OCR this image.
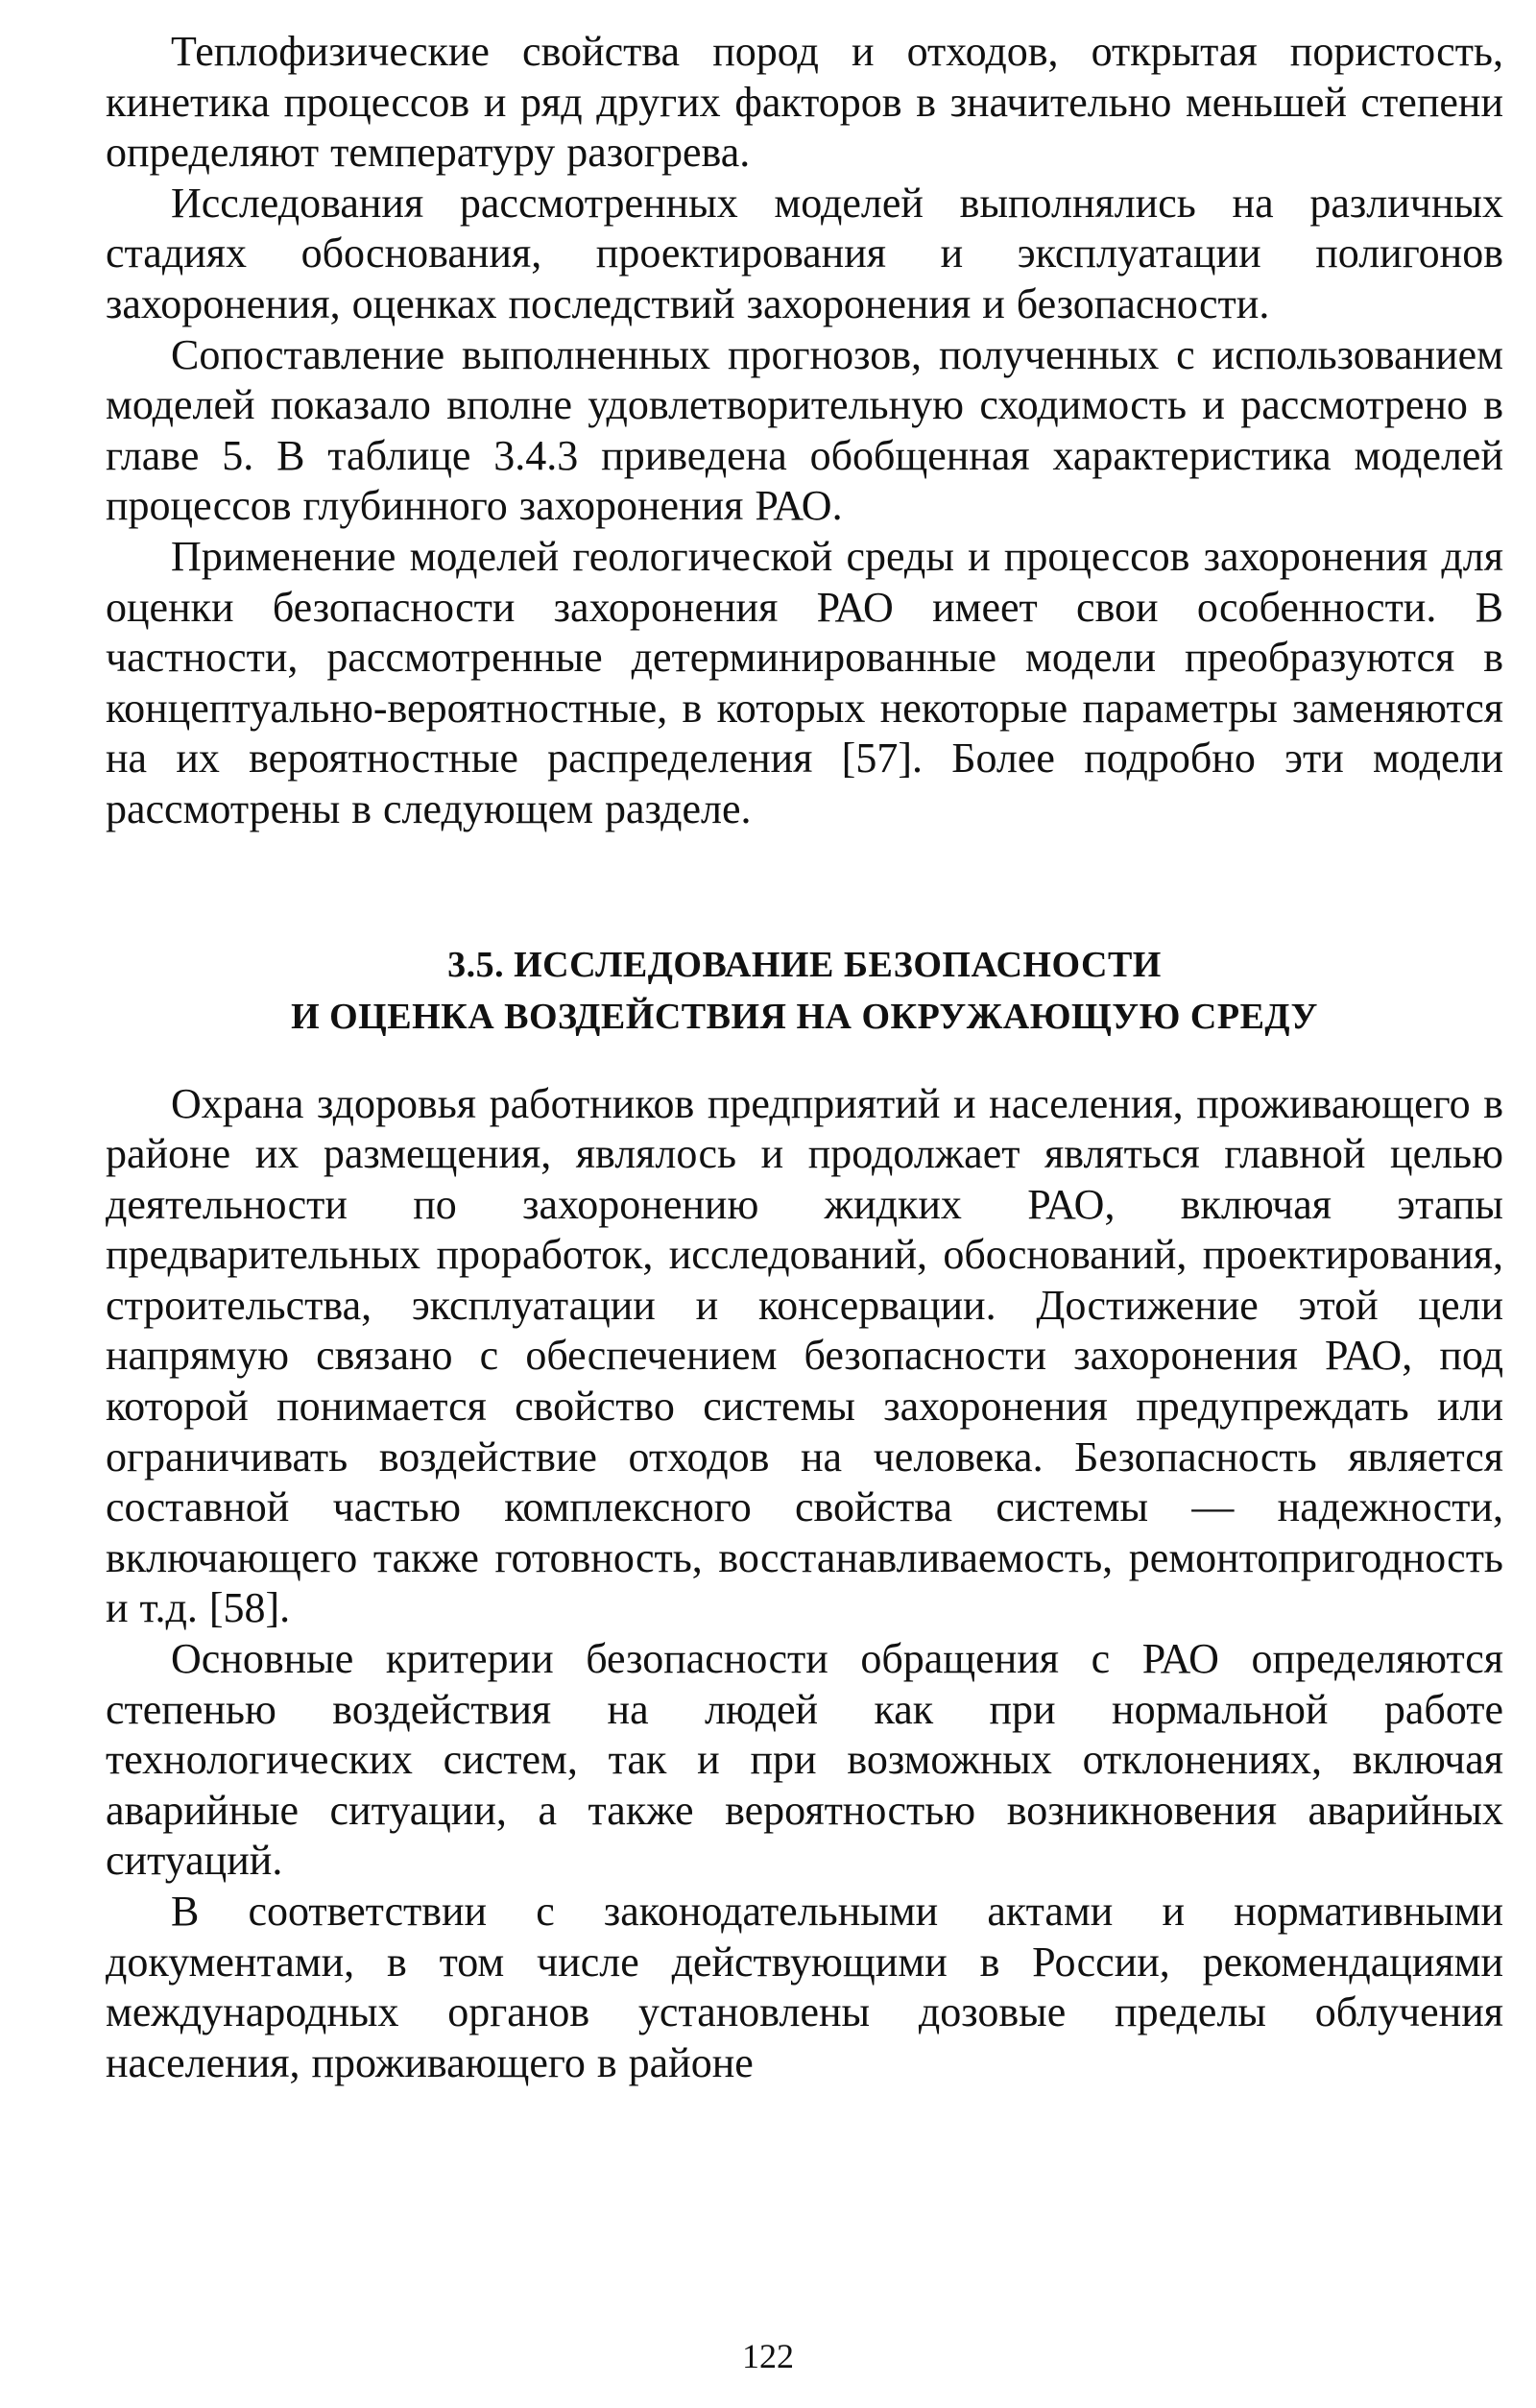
Теплофизические свойства пород и отходов, открытая пористость, кинетика процессов и ряд других факторов в значительно меньшей степени определяют температуру разогрева.

Исследования рассмотренных моделей выполнялись на различных стадиях обоснования, проектирования и эксплуатации полигонов захоронения, оценках последствий захоронения и безопасности.

Сопоставление выполненных прогнозов, полученных с использованием моделей показало вполне удовлетворительную сходимость и рассмотрено в главе 5. В таблице 3.4.3 приведена обобщенная характеристика моделей процессов глубинного захоронения РАО.

Применение моделей геологической среды и процессов захоронения для оценки безопасности захоронения РАО имеет свои особенности. В частности, рассмотренные детерминированные модели преобразуются в концептуально-вероятностные, в которых некоторые параметры заменяются на их вероятностные распределения [57]. Более подробно эти модели рассмотрены в следующем разделе.

3.5. ИССЛЕДОВАНИЕ БЕЗОПАСНОСТИ
И ОЦЕНКА ВОЗДЕЙСТВИЯ НА ОКРУЖАЮЩУЮ СРЕДУ

Охрана здоровья работников предприятий и населения, проживающего в районе их размещения, являлось и продолжает являться главной целью деятельности по захоронению жидких РАО, включая этапы предварительных проработок, исследований, обоснований, проектирования, строительства, эксплуатации и консервации. Достижение этой цели напрямую связано с обеспечением безопасности захоронения РАО, под которой понимается свойство системы захоронения предупреждать или ограничивать воздействие отходов на человека. Безопасность является составной частью комплексного свойства системы — надежности, включающего также готовность, восстанавливаемость, ремонтопригодность и т.д. [58].

Основные критерии безопасности обращения с РАО определяются степенью воздействия на людей как при нормальной работе технологических систем, так и при возможных отклонениях, включая аварийные ситуации, а также вероятностью возникновения аварийных ситуаций.

В соответствии с законодательными актами и нормативными документами, в том числе действующими в России, рекомендациями международных органов установлены дозовые пределы облучения населения, проживающего в районе

122
